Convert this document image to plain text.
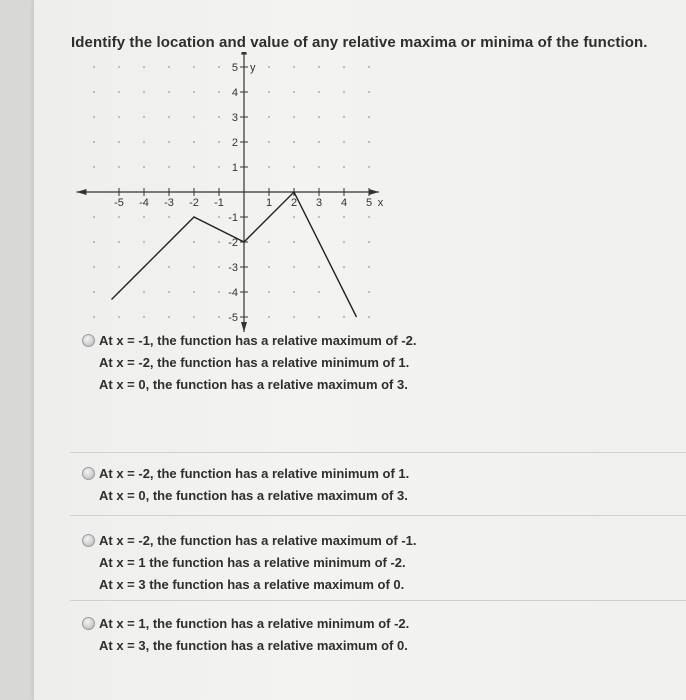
Identify the location and value of any relative maxima or minima of the function.
-5 -4 -3 -2 -1	1 2 3 4 5 x
5
4
3
2
1
-1
-2
-3
-4
-5
y
At x = -1, the function has a relative maximum of -2.
At x = -2, the function has a relative minimum of 1.
At x = 0, the function has a relative maximum of 3.
At x = -2, the function has a relative minimum of 1.
At x = 0, the function has a relative maximum of 3.
At x = -2, the function has a relative maximum of -1.
At x = 1 the function has a relative minimum of -2.
At x = 3 the function has a relative maximum of 0.
At x = 1, the function has a relative minimum of -2.
At x = 3, the function has a relative maximum of 0.
